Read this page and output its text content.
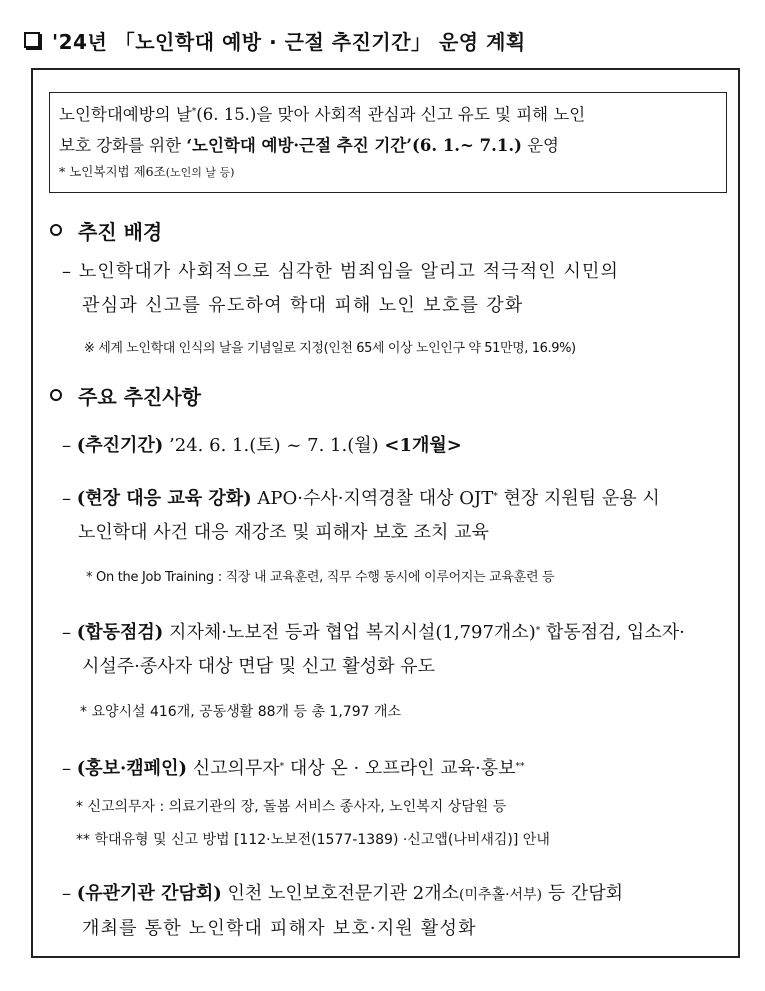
'24년 「노인학대 예방 · 근절 추진기간」 운영 계획
노인학대예방의 날*(6. 15.)을 맞아 사회적 관심과 신고 유도 및 피해 노인
보호 강화를 위한 ‘노인학대 예방·근절 추진 기간’(6. 1.~ 7.1.) 운영
* 노인복지법 제6조(노인의 날 등)
추진 배경
– 노인학대가 사회적으로 심각한 범죄임을 알리고 적극적인 시민의
관심과 신고를 유도하여 학대 피해 노인 보호를 강화
※ 세계 노인학대 인식의 날을 기념일로 지정(인천 65세 이상 노인인구 약 51만명, 16.9%)
주요 추진사항
– (추진기간) ’24. 6. 1.(토) ~ 7. 1.(월) <1개월>
– (현장 대응 교육 강화) APO·수사·지역경찰 대상 OJT* 현장 지원팀 운용 시
노인학대 사건 대응 재강조 및 피해자 보호 조치 교육
* On the Job Training : 직장 내 교육훈련, 직무 수행 동시에 이루어지는 교육훈련 등
– (합동점검) 지자체·노보전 등과 협업 복지시설(1,797개소)* 합동점검, 입소자·
시설주·종사자 대상 면담 및 신고 활성화 유도
* 요양시설 416개, 공동생활 88개 등 총 1,797 개소
– (홍보·캠페인) 신고의무자* 대상 온 · 오프라인 교육·홍보**
* 신고의무자 : 의료기관의 장, 돌봄 서비스 종사자, 노인복지 상담원 등
** 학대유형 및 신고 방법 [112·노보전(1577-1389) ·신고앱(나비새김)] 안내
– (유관기관 간담회) 인천 노인보호전문기관 2개소(미추홀·서부) 등 간담회
개최를 통한 노인학대 피해자 보호·지원 활성화
